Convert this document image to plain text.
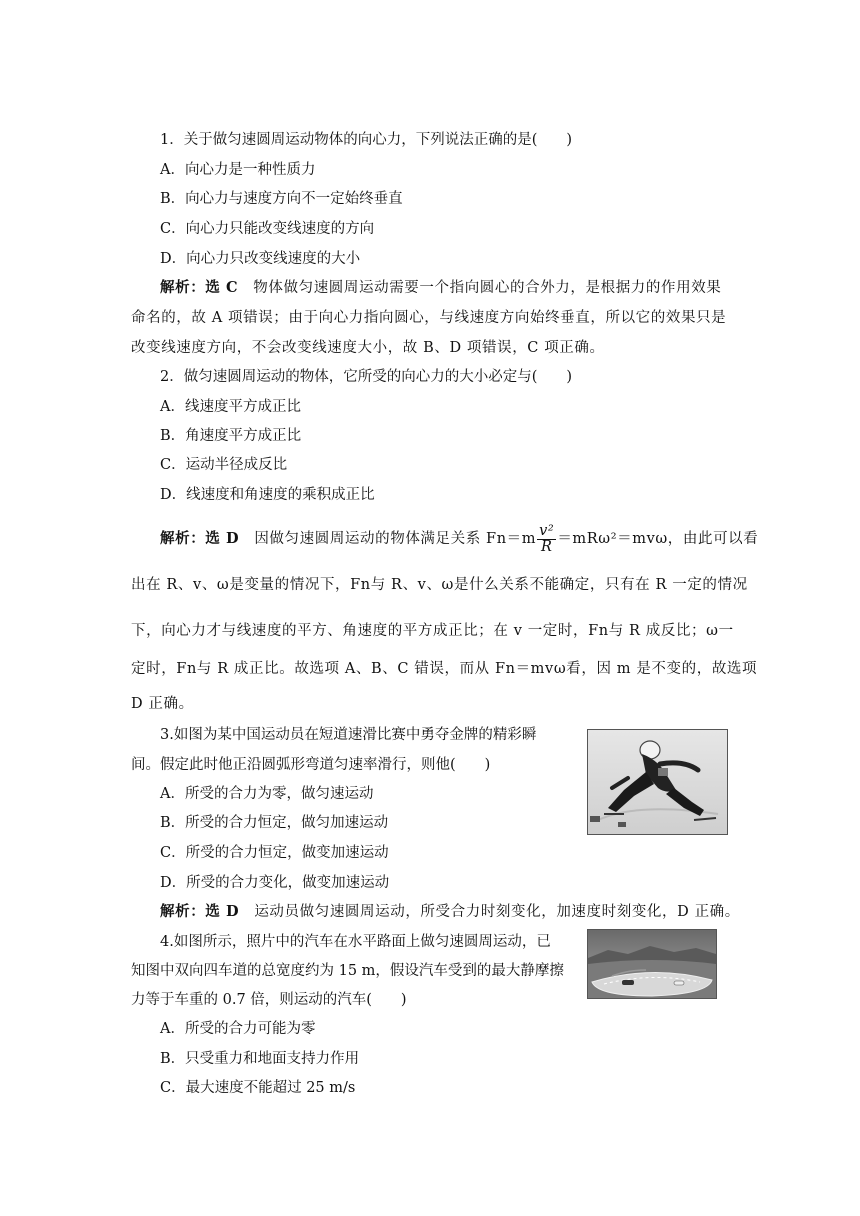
1．关于做匀速圆周运动物体的向心力，下列说法正确的是(　　)
A．向心力是一种性质力
B．向心力与速度方向不一定始终垂直
C．向心力只能改变线速度的方向
D．向心力只改变线速度的大小
解析：选 C　物体做匀速圆周运动需要一个指向圆心的合外力，是根据力的作用效果
命名的，故 A 项错误；由于向心力指向圆心，与线速度方向始终垂直，所以它的效果只是
改变线速度方向，不会改变线速度大小，故 B、D 项错误，C 项正确。
2．做匀速圆周运动的物体，它所受的向心力的大小必定与(　　)
A．线速度平方成正比
B．角速度平方成正比
C．运动半径成反比
D．线速度和角速度的乘积成正比
解析：选 D　因做匀速圆周运动的物体满足关系 $Fn=m \frac{\text{v²}}{R} =mR\omega^2=mv\omega$，由此可以看
出在 R、v、ω是变量的情况下，Fn与 R、v、ω是什么关系不能确定，只有在 R 一定的情况
下，向心力才与线速度的平方、角速度的平方成正比；在 v 一定时，Fn与 R 成反比；ω一
定时，Fn与 R 成正比。故选项 A、B、C 错误，而从 Fn＝mvω看，因 m 是不变的，故选项
D 正确。
3.如图为某中国运动员在短道速滑比赛中勇夺金牌的精彩瞬
间。假定此时他正沿圆弧形弯道匀速率滑行，则他(　　)
A．所受的合力为零，做匀速运动
B．所受的合力恒定，做匀加速运动
C．所受的合力恒定，做变加速运动
D．所受的合力变化，做变加速运动
解析：选 D　运动员做匀速圆周运动，所受合力时刻变化，加速度时刻变化，D 正确。
4.如图所示，照片中的汽车在水平路面上做匀速圆周运动，已
知图中双向四车道的总宽度约为 15 m，假设汽车受到的最大静摩擦
力等于车重的 0.7 倍，则运动的汽车(　　)
A．所受的合力可能为零
B．只受重力和地面支持力作用
C．最大速度不能超过 25 m/s
